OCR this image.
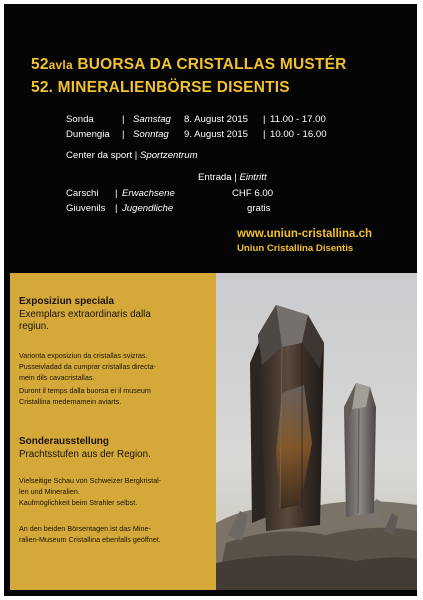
52avla BUORSA DA CRISTALLAS MUSTÉR
52. MINERALIENBÖRSE DISENTIS
Sonda	| Samstag 8. August 2015 | 11.00 - 17.00
Dumengia | Sonntag 9. August 2015 | 10.00 - 16.00
Center da sport | Sportzentrum
Entrada | Eintritt
Carschi | Erwachsene	CHF 6.00
Giuvenils | Jugendliche	gratis
www.uniun-cristallina.ch
Uniun Cristallina Disentis
Exposiziun speciala
Exemplars extraordinaris dalla
regiun.
Varionta exposiziun da cristallas svizras.
Pusseivladad da cumprar cristallas directa-
mein dils cavacristallas.
Duront il temps dalla buorsa ei il museum
Cristallina medemamein aviarts.
Sonderausstellung
Prachtsstufen aus der Region.
Vielseitige Schau von Schweizer Bergkristal-
len und Mineralien.
Kaufmöglichkeit beim Strahler selbst.
An den beiden Börsentagen ist das Mine-
ralien-Museum Cristallina ebenfalls geöffnet.
